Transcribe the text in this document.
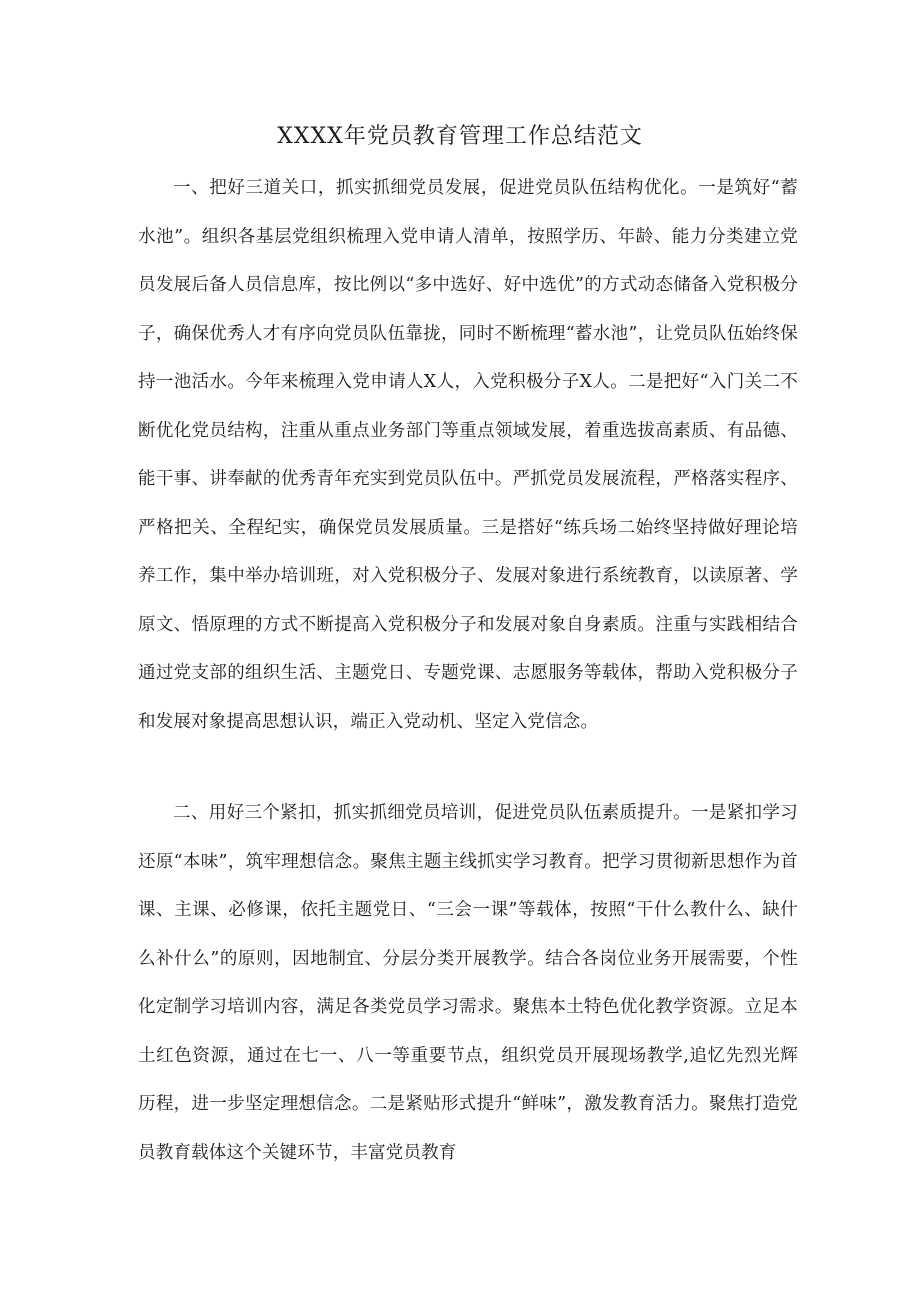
XXXX年党员教育管理工作总结范文

一、把好三道关口，抓实抓细党员发展，促进党员队伍结构优化。一是筑好“蓄水池”。组织各基层党组织梳理入党申请人清单，按照学历、年龄、能力分类建立党员发展后备人员信息库，按比例以“多中选好、好中选优”的方式动态储备入党积极分子，确保优秀人才有序向党员队伍靠拢，同时不断梳理“蓄水池”，让党员队伍始终保持一池活水。今年来梳理入党申请人X人，入党积极分子X人。二是把好“入门关二不断优化党员结构，注重从重点业务部门等重点领域发展，着重选拔高素质、有品德、能干事、讲奉献的优秀青年充实到党员队伍中。严抓党员发展流程，严格落实程序、严格把关、全程纪实，确保党员发展质量。三是搭好“练兵场二始终坚持做好理论培养工作，集中举办培训班，对入党积极分子、发展对象进行系统教育，以读原著、学原文、悟原理的方式不断提高入党积极分子和发展对象自身素质。注重与实践相结合通过党支部的组织生活、主题党日、专题党课、志愿服务等载体，帮助入党积极分子和发展对象提高思想认识，端正入党动机、坚定入党信念。

二、用好三个紧扣，抓实抓细党员培训，促进党员队伍素质提升。一是紧扣学习还原“本味”，筑牢理想信念。聚焦主题主线抓实学习教育。把学习贯彻新思想作为首课、主课、必修课，依托主题党日、“三会一课”等载体，按照“干什么教什么、缺什么补什么”的原则，因地制宜、分层分类开展教学。结合各岗位业务开展需要，个性化定制学习培训内容，满足各类党员学习需求。聚焦本土特色优化教学资源。立足本土红色资源，通过在七一、八一等重要节点，组织党员开展现场教学,追忆先烈光辉历程，进一步坚定理想信念。二是紧贴形式提升“鲜味”，激发教育活力。聚焦打造党员教育载体这个关键环节，丰富党员教育
